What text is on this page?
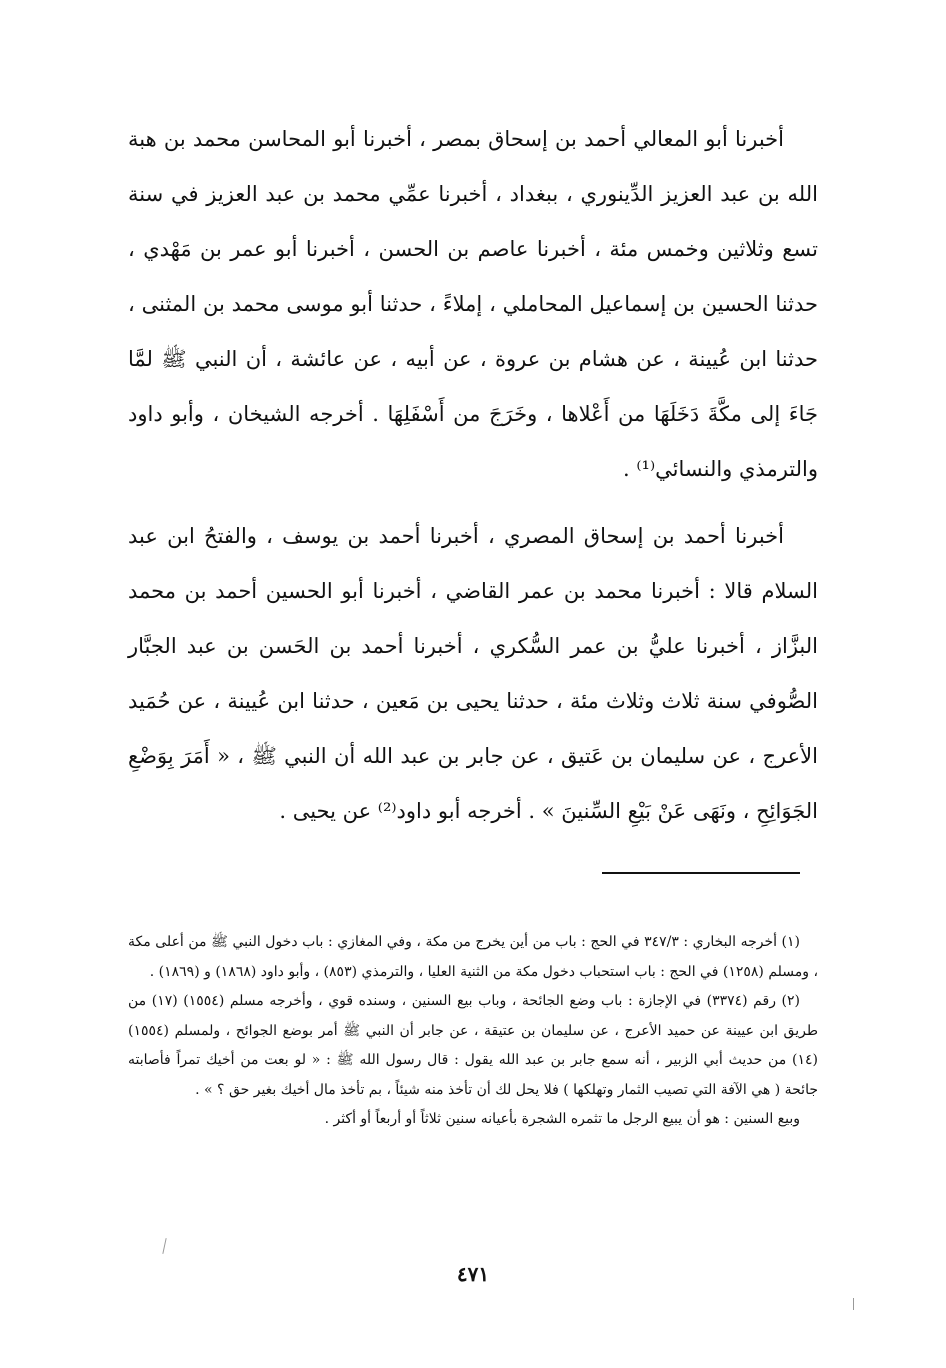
أخبرنا أبو المعالي أحمد بن إسحاق بمصر ، أخبرنا أبو المحاسن محمد بن هبة الله بن عبد العزيز الدِّينوري ، ببغداد ، أخبرنا عمِّي محمد بن عبد العزيز في سنة تسع وثلاثين وخمس مئة ، أخبرنا عاصم بن الحسن ، أخبرنا أبو عمر بن مَهْدي ، حدثنا الحسين بن إسماعيل المحاملي ، إملاءً ، حدثنا أبو موسى محمد بن المثنى ، حدثنا ابن عُيينة ، عن هشام بن عروة ، عن أبيه ، عن عائشة ، أن النبي ﷺ لمَّا جَاءَ إلى مكَّةَ دَخَلَهَا من أَعْلاها ، وخَرَجَ من أَسْفَلِهَا . أخرجه الشيخان ، وأبو داود والترمذي والنسائي⁽¹⁾ .

أخبرنا أحمد بن إسحاق المصري ، أخبرنا أحمد بن يوسف ، والفتحُ ابن عبد السلام قالا : أخبرنا محمد بن عمر القاضي ، أخبرنا أبو الحسين أحمد بن محمد البزَّاز ، أخبرنا عليُّ بن عمر السُّكري ، أخبرنا أحمد بن الحَسن بن عبد الجبَّار الصُّوفي سنة ثلاث وثلاث مئة ، حدثنا يحيى بن مَعين ، حدثنا ابن عُيينة ، عن حُمَيد الأعرج ، عن سليمان بن عَتيق ، عن جابر بن عبد الله أن النبي ﷺ ، « أَمَرَ بِوَضْعِ الجَوَائِحِ ، ونَهَى عَنْ بَيْعِ السِّنينَ » . أخرجه أبو داود⁽²⁾ عن يحيى .

(١) أخرجه البخاري : ٣٤٧/٣ في الحج : باب من أين يخرج من مكة ، وفي المغازي : باب دخول النبي ﷺ من أعلى مكة ، ومسلم (١٢٥٨) في الحج : باب استحباب دخول مكة من الثنية العليا ، والترمذي (٨٥٣) ، وأبو داود (١٨٦٨) و (١٨٦٩) .

(٢) رقم (٣٣٧٤) في الإجازة : باب وضع الجائحة ، وباب بيع السنين ، وسنده قوي ، وأخرجه مسلم (١٥٥٤) (١٧) من طريق ابن عيينة عن حميد الأعرج ، عن سليمان بن عتيقة ، عن جابر أن النبي ﷺ أمر بوضع الجوائح ، ولمسلم (١٥٥٤) (١٤) من حديث أبي الزبير ، أنه سمع جابر بن عبد الله يقول : قال رسول الله ﷺ : « لو بعت من أخيك تمراً فأصابته جائحة ( هي الآفة التي تصيب الثمار وتهلكها ) فلا يحل لك أن تأخذ منه شيئاً ، بم تأخذ مال أخيك بغير حق ؟ » .

وبيع السنين : هو أن يبيع الرجل ما تثمره الشجرة بأعيانه سنين ثلاثاً أو أربعاً أو أكثر .

٤٧١
